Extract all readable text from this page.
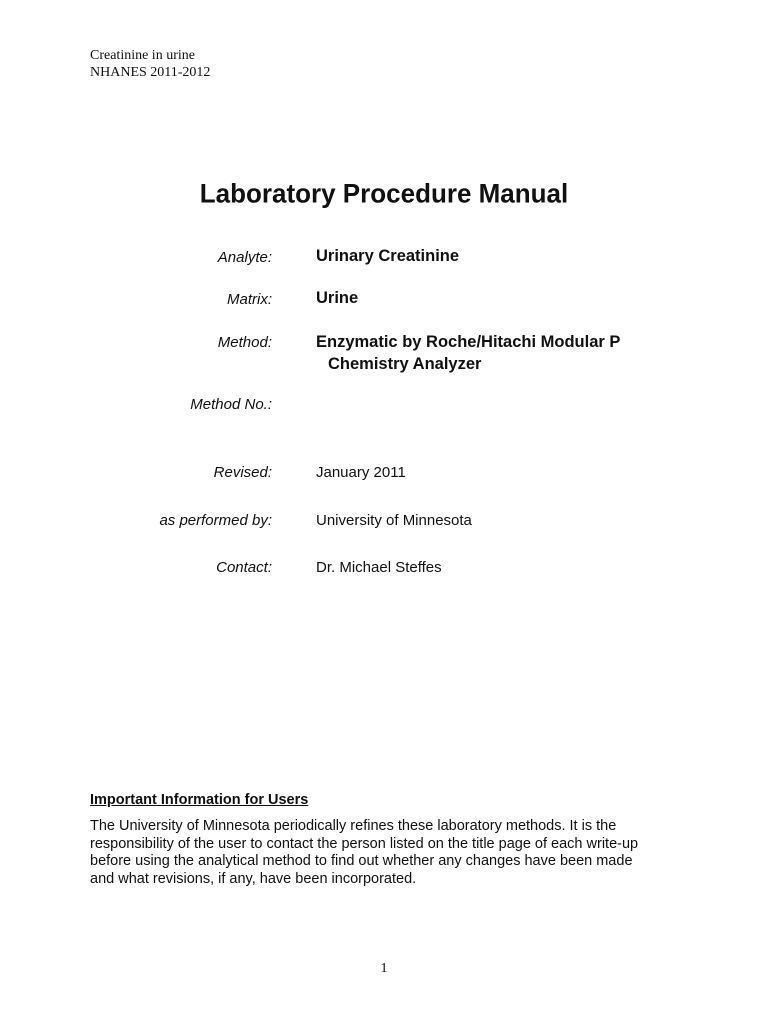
Creatinine in urine
NHANES 2011-2012
Laboratory Procedure Manual
Analyte:	Urinary Creatinine
Matrix:	Urine
Method:	Enzymatic by Roche/Hitachi Modular P
Chemistry Analyzer
Method No.:
Revised:	January 2011
as performed by:	University of Minnesota
Contact:	Dr. Michael Steffes
Important Information for Users
The University of Minnesota periodically refines these laboratory methods. It is the
responsibility of the user to contact the person listed on the title page of each write-up
before using the analytical method to find out whether any changes have been made
and what revisions, if any, have been incorporated.
1
